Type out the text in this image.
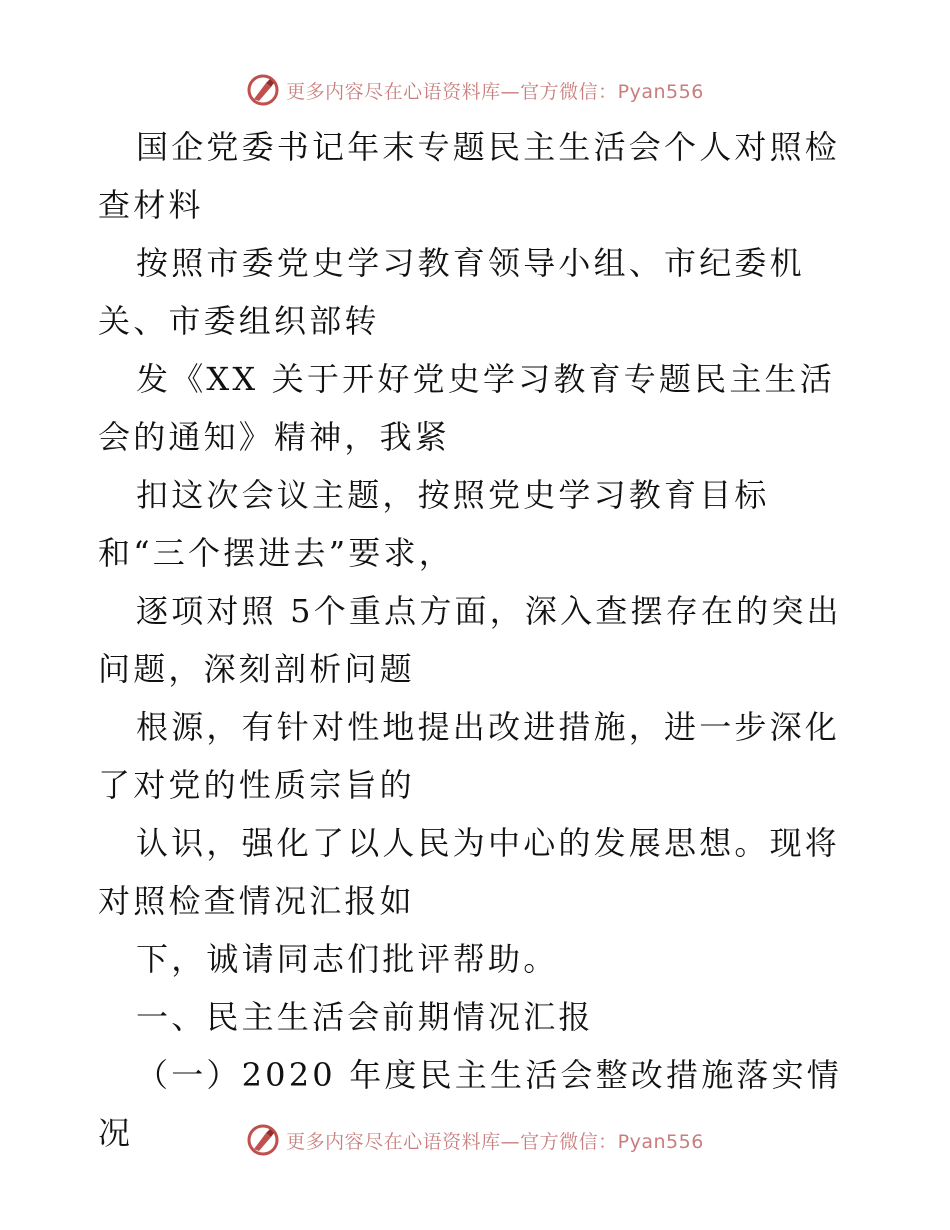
更多内容尽在心语资料库—官方微信：Pyan556

国企党委书记年末专题民主生活会个人对照检查材料

按照市委党史学习教育领导小组、市纪委机关、市委组织部转

发《XX 关于开好党史学习教育专题民主生活会的通知》精神，我紧

扣这次会议主题，按照党史学习教育目标和“三个摆进去”要求，

逐项对照 5个重点方面，深入查摆存在的突出问题，深刻剖析问题

根源，有针对性地提出改进措施，进一步深化了对党的性质宗旨的

认识，强化了以人民为中心的发展思想。现将对照检查情况汇报如

下，诚请同志们批评帮助。

一、民主生活会前期情况汇报

（一）2020 年度民主生活会整改措施落实情况	更多内容尽在心语资料库—官方微信：Pyan556
